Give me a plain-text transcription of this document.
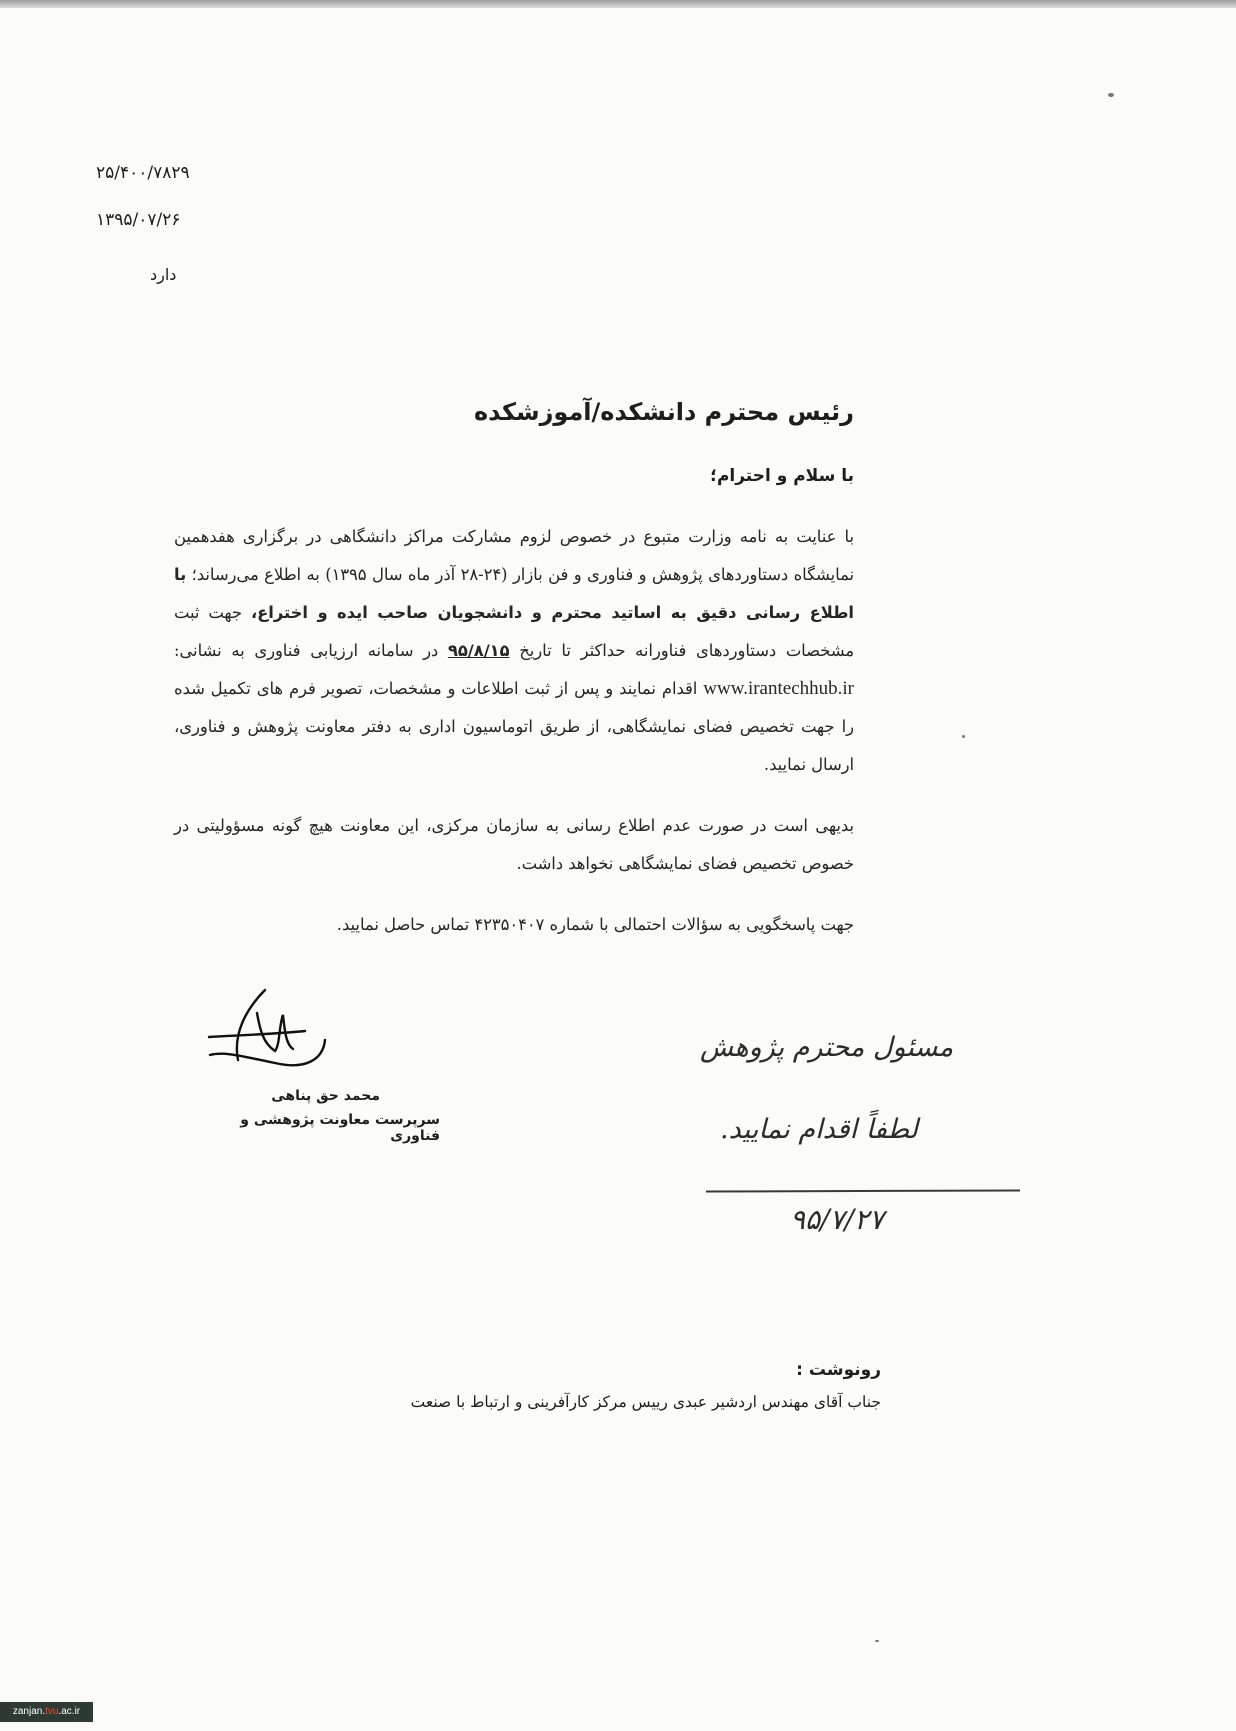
۲۵/۴۰۰/۷۸۲۹
۱۳۹۵/۰۷/۲۶
دارد
رئیس محترم دانشکده/آموزشکده
با سلام و احترام؛
با عنایت به نامه وزارت متبوع در خصوص لزوم مشارکت مراکز دانشگاهی در برگزاری هفدهمین نمایشگاه دستاوردهای پژوهش و فناوری و فن بازار (۲۴-۲۸ آذر ماه سال ۱۳۹۵) به اطلاع می‌رساند؛ با اطلاع رسانی دقیق به اساتید محترم و دانشجویان صاحب ایده و اختراع، جهت ثبت مشخصات دستاوردهای فناورانه حداکثر تا تاریخ ۹۵/۸/۱۵ در سامانه ارزیابی فناوری به نشانی: www.irantechhub.ir اقدام نمایند و پس از ثبت اطلاعات و مشخصات، تصویر فرم های تکمیل شده را جهت تخصیص فضای نمایشگاهی، از طریق اتوماسیون اداری به دفتر معاونت پژوهش و فناوری، ارسال نمایید.
بدیهی است در صورت عدم اطلاع رسانی به سازمان مرکزی، این معاونت هیچ گونه مسؤولیتی در خصوص تخصیص فضای نمایشگاهی نخواهد داشت.
جهت پاسخگویی به سؤالات احتمالی با شماره ۴۲۳۵۰۴۰۷ تماس حاصل نمایید.
محمد حق پناهی
سرپرست معاونت پژوهشی و فناوری
مسئول محترم پژوهش
لطفاً اقدام نمایید.
۹۵/۷/۲۷
رونوشت :
جناب آقای مهندس اردشیر عبدی رییس مرکز کارآفرینی و ارتباط با صنعت
zanjan.tvu.ac.ir
